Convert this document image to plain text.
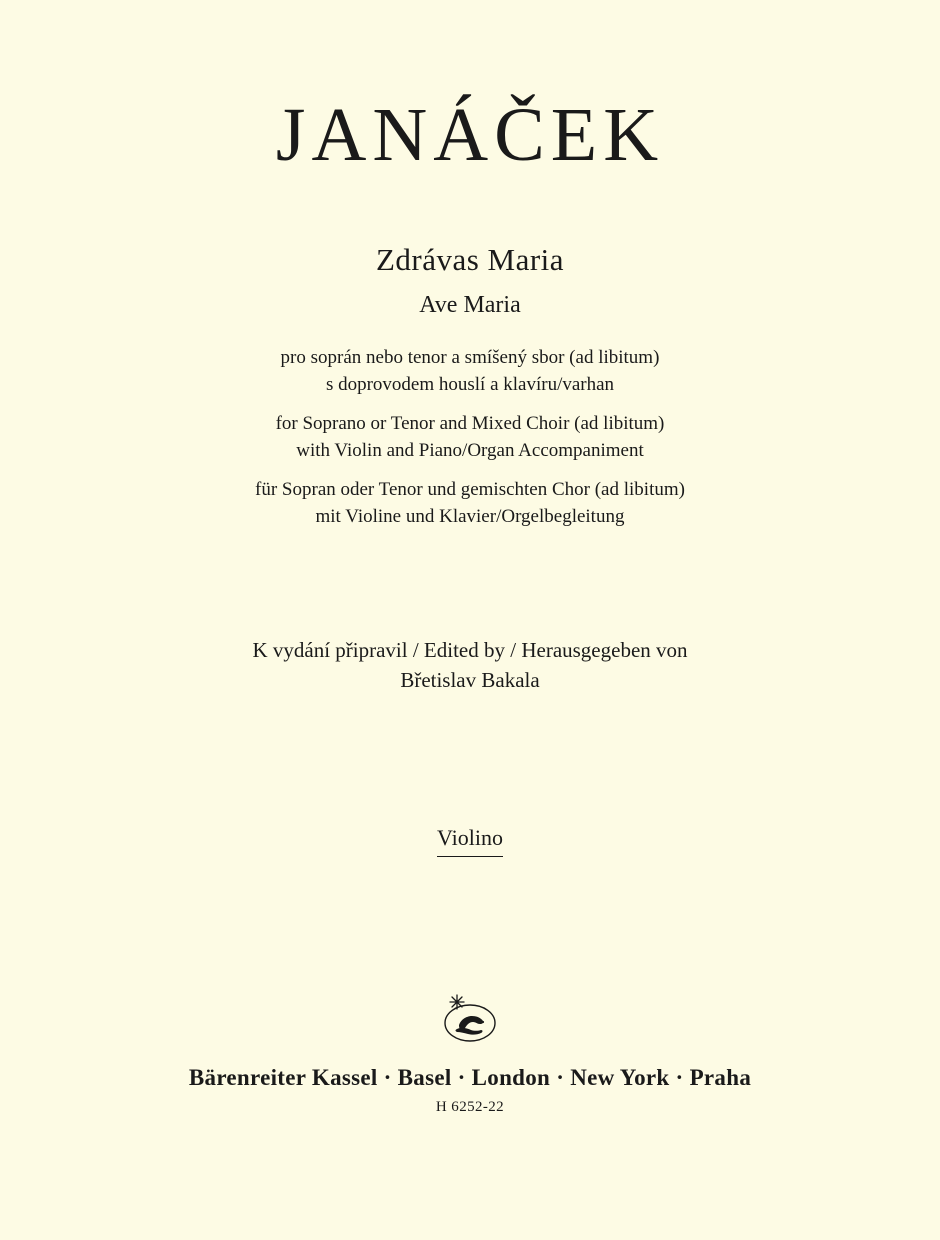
JANÁČEK
Zdrávas Maria
Ave Maria
pro soprán nebo tenor a smíšený sbor (ad libitum)
s doprovodem houslí a klavíru/varhan
for Soprano or Tenor and Mixed Choir (ad libitum)
with Violin and Piano/Organ Accompaniment
für Sopran oder Tenor und gemischten Chor (ad libitum)
mit Violine und Klavier/Orgelbegleitung
K vydání připravil / Edited by / Herausgegeben von
Břetislav Bakala
Violino
Bärenreiter Kassel · Basel · London · New York · Praha
H 6252-22
